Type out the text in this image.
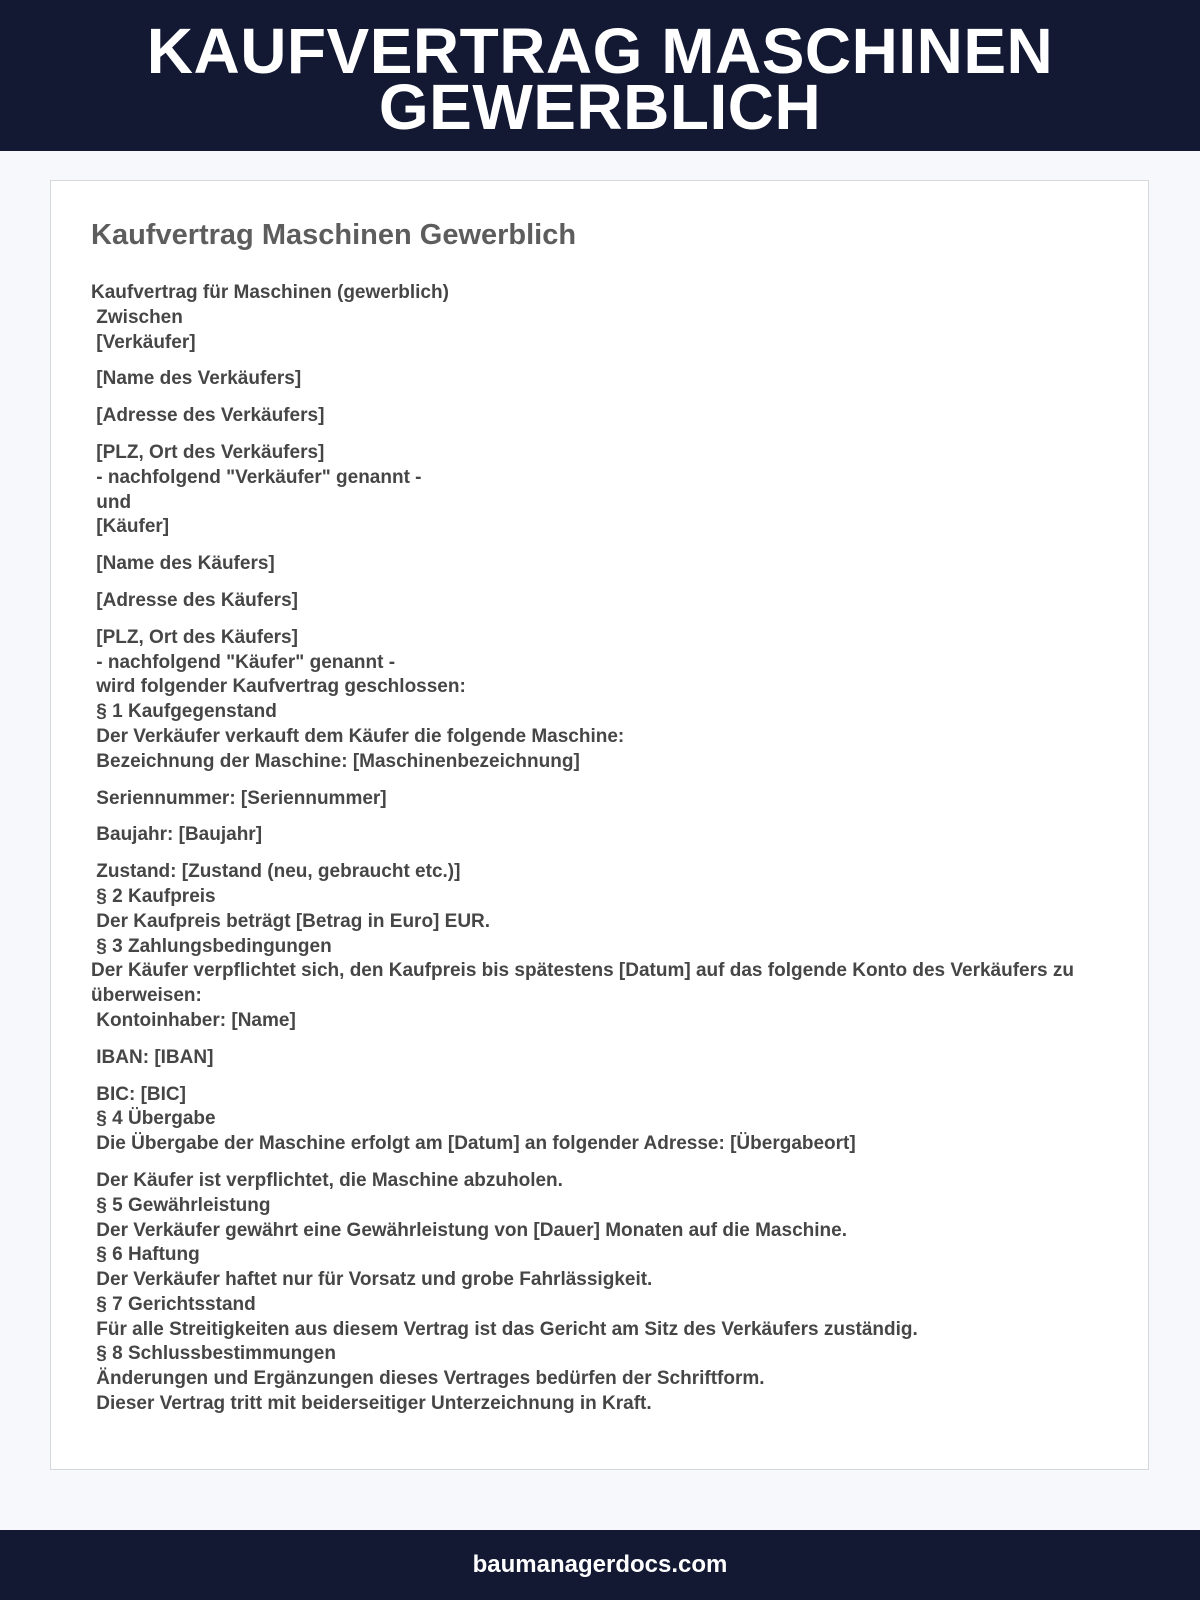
KAUFVERTRAG MASCHINEN
GEWERBLICH
Kaufvertrag Maschinen Gewerblich
Kaufvertrag für Maschinen (gewerblich)
Zwischen
[Verkäufer]
[Name des Verkäufers]
[Adresse des Verkäufers]
[PLZ, Ort des Verkäufers]
- nachfolgend "Verkäufer" genannt -
und
[Käufer]
[Name des Käufers]
[Adresse des Käufers]
[PLZ, Ort des Käufers]
- nachfolgend "Käufer" genannt -
wird folgender Kaufvertrag geschlossen:
§ 1 Kaufgegenstand
Der Verkäufer verkauft dem Käufer die folgende Maschine:
Bezeichnung der Maschine: [Maschinenbezeichnung]
Seriennummer: [Seriennummer]
Baujahr: [Baujahr]
Zustand: [Zustand (neu, gebraucht etc.)]
§ 2 Kaufpreis
Der Kaufpreis beträgt [Betrag in Euro] EUR.
§ 3 Zahlungsbedingungen
Der Käufer verpflichtet sich, den Kaufpreis bis spätestens [Datum] auf das folgende Konto des Verkäufers zu überweisen:
Kontoinhaber: [Name]
IBAN: [IBAN]
BIC: [BIC]
§ 4 Übergabe
Die Übergabe der Maschine erfolgt am [Datum] an folgender Adresse: [Übergabeort]
Der Käufer ist verpflichtet, die Maschine abzuholen.
§ 5 Gewährleistung
Der Verkäufer gewährt eine Gewährleistung von [Dauer] Monaten auf die Maschine.
§ 6 Haftung
Der Verkäufer haftet nur für Vorsatz und grobe Fahrlässigkeit.
§ 7 Gerichtsstand
Für alle Streitigkeiten aus diesem Vertrag ist das Gericht am Sitz des Verkäufers zuständig.
§ 8 Schlussbestimmungen
Änderungen und Ergänzungen dieses Vertrages bedürfen der Schriftform.
Dieser Vertrag tritt mit beiderseitiger Unterzeichnung in Kraft.
baumanagerdocs.com
